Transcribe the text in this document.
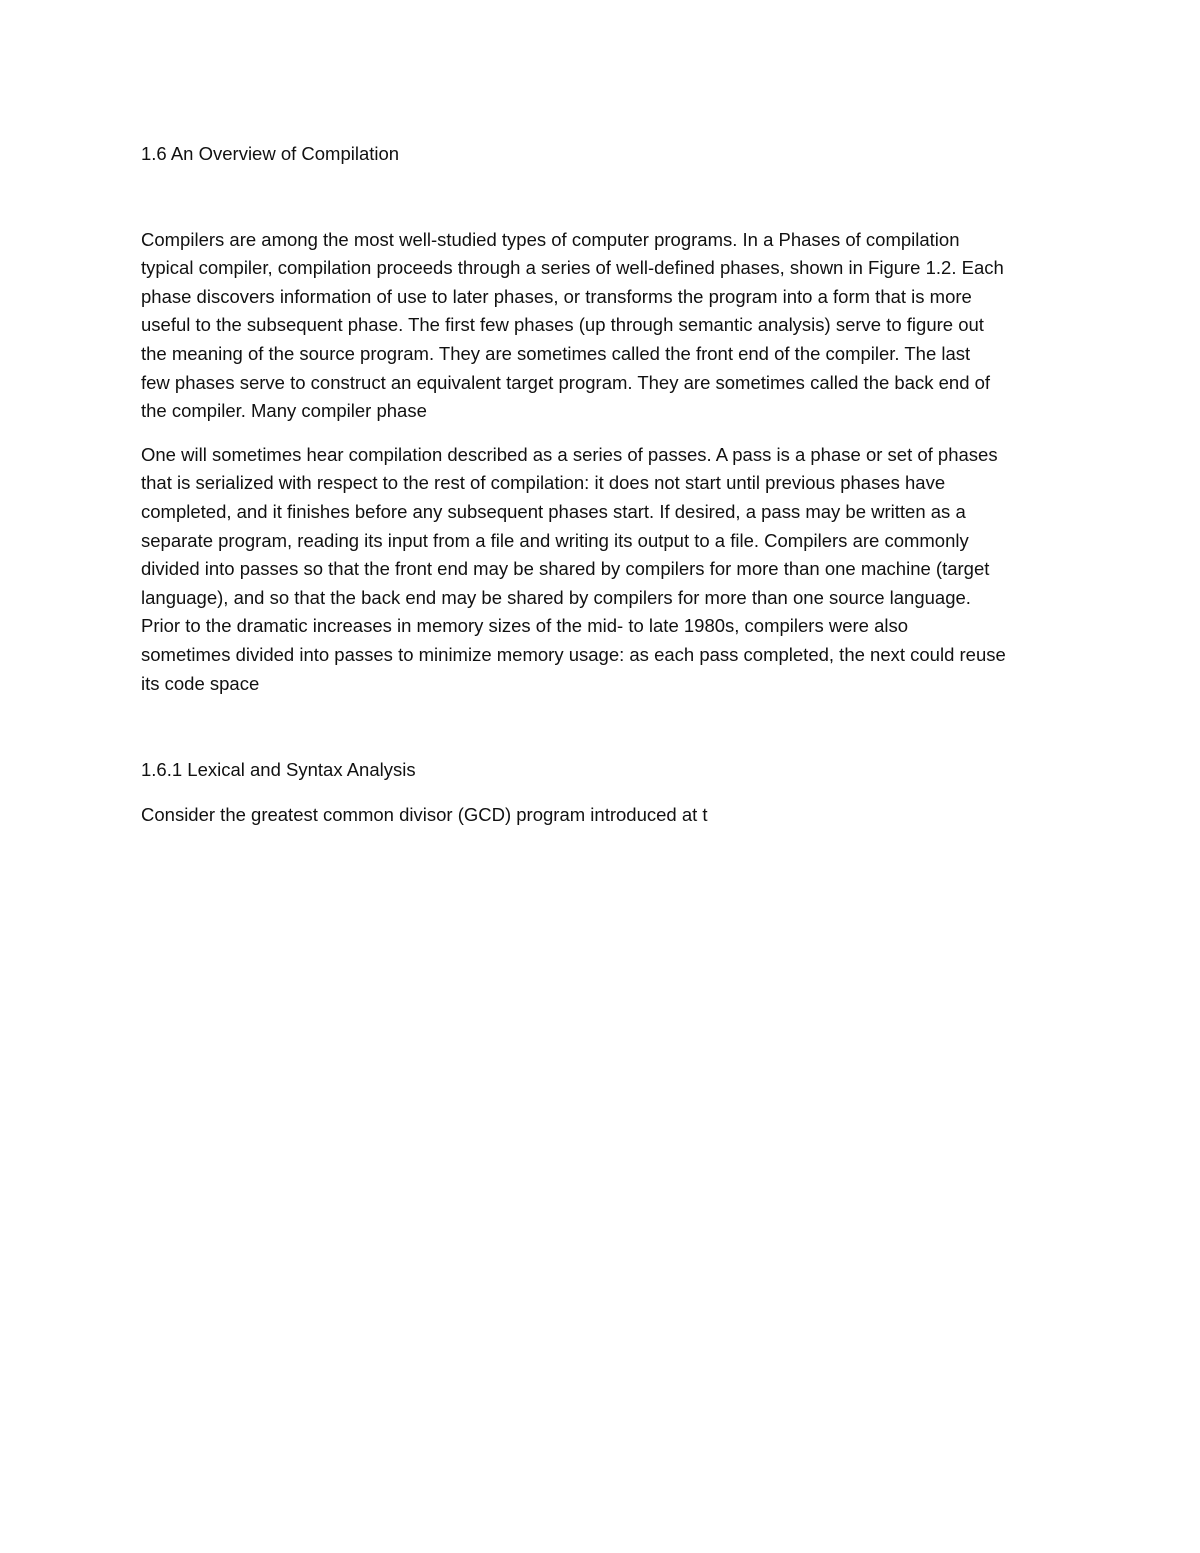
1.6 An Overview of Compilation

Compilers are among the most well-studied types of computer programs. In a Phases of compilation

typical compiler, compilation proceeds through a series of well-defined phases, shown in Figure 1.2. Each

phase discovers information of use to later phases, or transforms the program into a form that is more

useful to the subsequent phase. The first few phases (up through semantic analysis) serve to figure out

the meaning of the source program. They are sometimes called the front end of the compiler. The last

few phases serve to construct an equivalent target program. They are sometimes called the back end of

the compiler. Many compiler phase

One will sometimes hear compilation described as a series of passes. A pass is a phase or set of phases

that is serialized with respect to the rest of compilation: it does not start until previous phases have

completed, and it finishes before any subsequent phases start. If desired, a pass may be written as a

separate program, reading its input from a file and writing its output to a file. Compilers are commonly

divided into passes so that the front end may be shared by compilers for more than one machine (target

language), and so that the back end may be shared by compilers for more than one source language.

Prior to the dramatic increases in memory sizes of the mid- to late 1980s, compilers were also

sometimes divided into passes to minimize memory usage: as each pass completed, the next could reuse

its code space

1.6.1 Lexical and Syntax Analysis

Consider the greatest common divisor (GCD) program introduced at t
